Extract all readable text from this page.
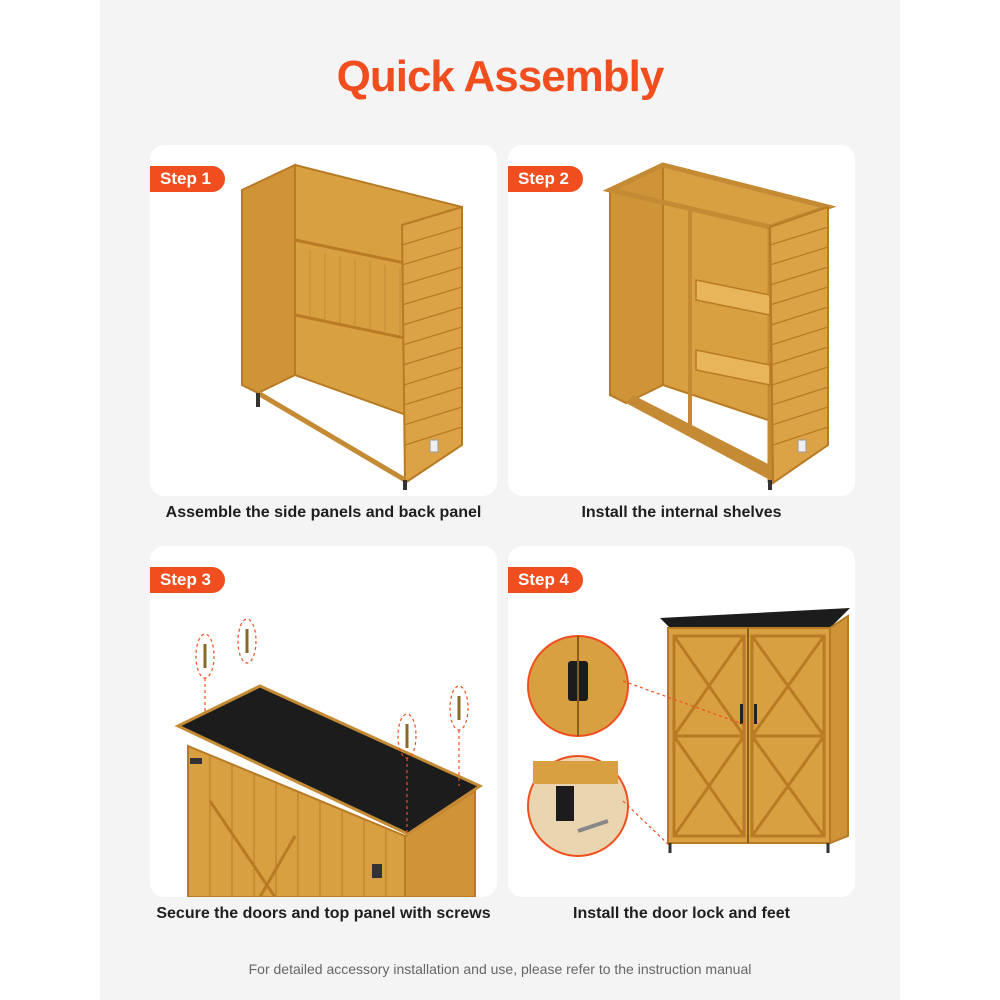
Quick Assembly
Step 1
Assemble the side panels and back panel
Step 2
Install the internal shelves
Step 3
Secure the doors and top panel with screws
Step 4
Install the door lock and feet
For detailed accessory installation and use, please refer to the instruction manual
